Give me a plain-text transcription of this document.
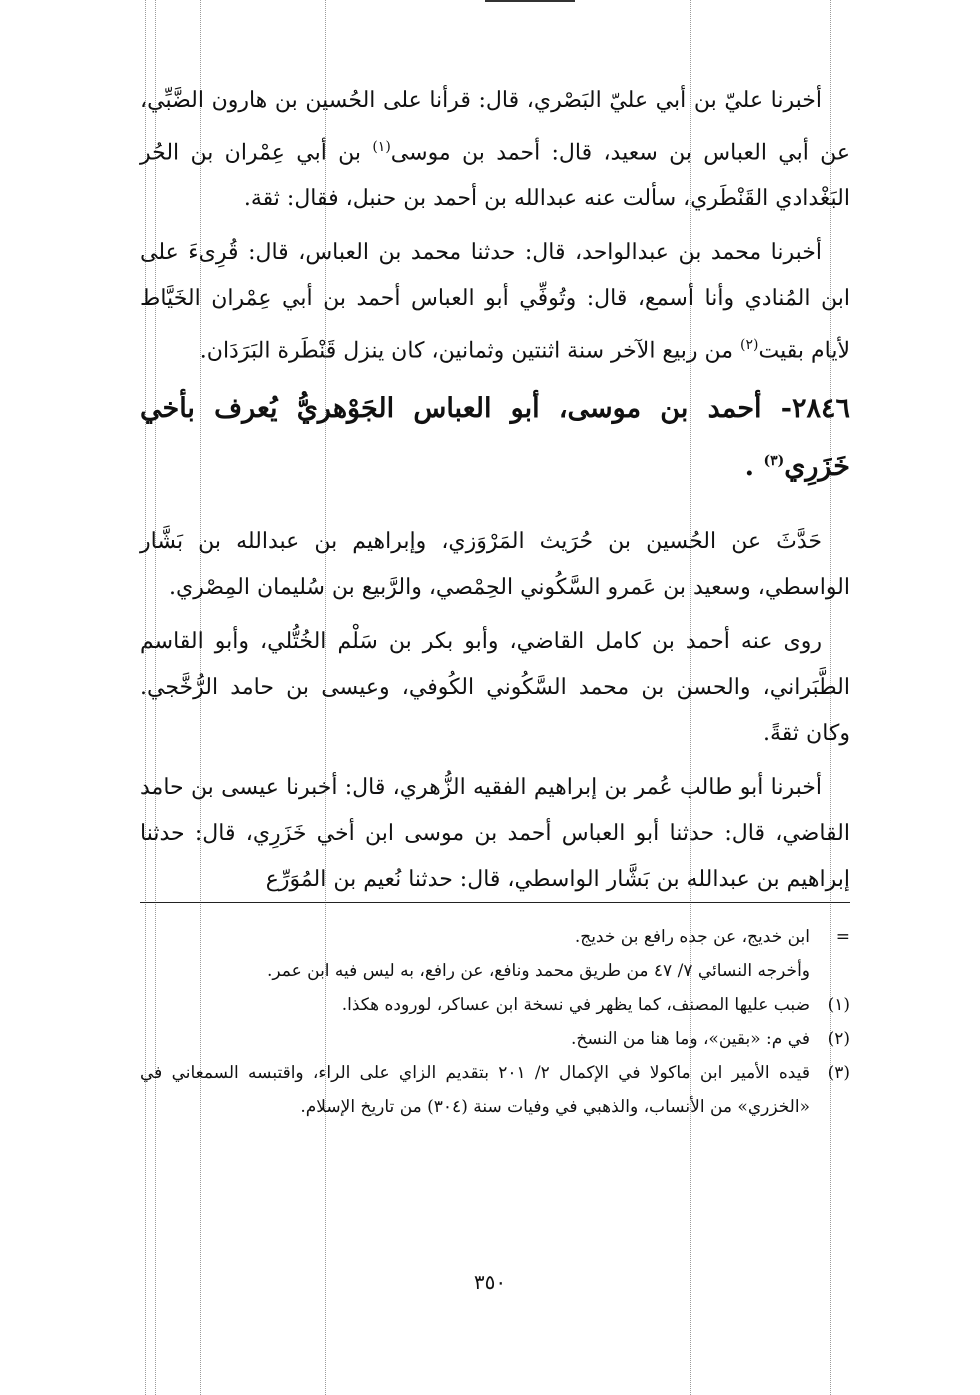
أخبرنا عليّ بن أبي عليّ البَصْري، قال: قرأنا على الحُسين بن هارون الضَّبِّي، عن أبي العباس بن سعيد، قال: أحمد بن موسى$^{(١)}$ بن أبي عِمْران بن الحُر البَغْدادي القَنْطَري، سألت عنه عبدالله بن أحمد بن حنبل، فقال: ثقة.

أخبرنا محمد بن عبدالواحد، قال: حدثنا محمد بن العباس، قال: قُرِىءَ على ابن المُنادي وأنا أسمع، قال: وتُوفِّي أبو العباس أحمد بن أبي عِمْران الخَيَّاط لأيام بقيت$^{(٢)}$ من ربيع الآخر سنة اثنتين وثمانين، كان ينزل قَنْطَرة البَرَدَان.

٢٨٤٦- أحمد بن موسى، أبو العباس الجَوْهريُّ يُعرف بأخي خَزَرِي$^{(٣)}$ .

حَدَّثَ عن الحُسين بن حُرَيث المَرْوَزي، وإبراهيم بن عبدالله بن بَشَّار الواسطي، وسعيد بن عَمرو السَّكُوني الحِمْصي، والرَّبيع بن سُليمان المِصْري.

روى عنه أحمد بن كامل القاضي، وأبو بكر بن سَلْم الخُتُّلي، وأبو القاسم الطَّبَراني، والحسن بن محمد السَّكُوني الكُوفي، وعيسى بن حامد الرُّخَّجي. وكان ثقةً.

أخبرنا أبو طالب عُمر بن إبراهيم الفقيه الزُّهري، قال: أخبرنا عيسى بن حامد القاضي، قال: حدثنا أبو العباس أحمد بن موسى ابن أخي خَزَرِي، قال: حدثنا إبراهيم بن عبدالله بن بَشَّار الواسطي، قال: حدثنا نُعيم بن المُوَرِّع

=
ابن خديج، عن جده رافع بن خديج.
وأخرجه النسائي ٧/ ٤٧ من طريق محمد ونافع، عن رافع، به ليس فيه ابن عمر.
(١)
ضبب عليها المصنف، كما يظهر في نسخة ابن عساكر، لوروده هكذا.
(٢)
في م: «بقين»، وما هنا من النسخ.
(٣)
قيده الأمير ابن ماكولا في الإكمال ٢/ ٢٠١ بتقديم الزاي على الراء، واقتبسه السمعاني في «الخزري» من الأنساب، والذهبي في وفيات سنة (٣٠٤) من تاريخ الإسلام.
٣٥٠
